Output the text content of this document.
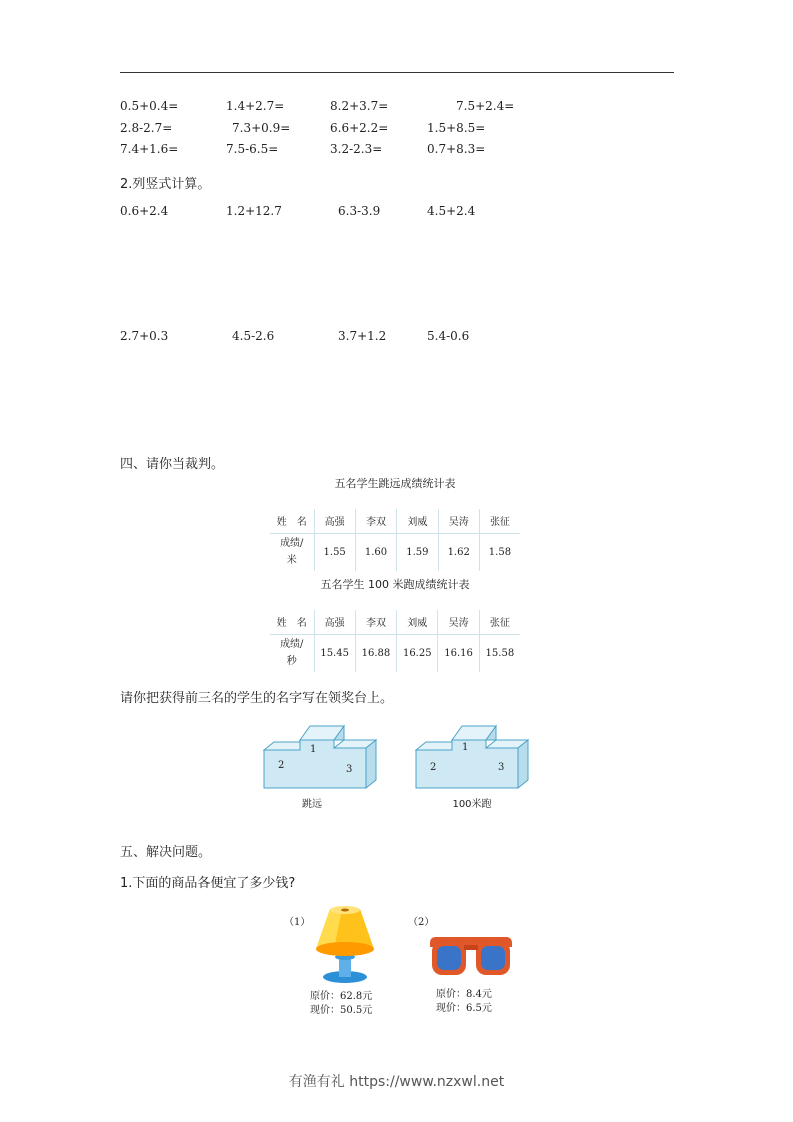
0.5+0.4=	1.4+2.7=	8.2+3.7=	7.5+2.4=
2.8-2.7=	7.3+0.9=	6.6+2.2=	1.5+8.5=
7.4+1.6=	7.5-6.5=	3.2-2.3=	0.7+8.3=
2.列竖式计算。
0.6+2.4	1.2+12.7	6.3-3.9	4.5+2.4
2.7+0.3	4.5-2.6	3.7+1.2	5.4-0.6
四、请你当裁判。
五名学生跳远成绩统计表
姓　名	高强	李双	刘威	吴涛	张征
成绩/
米	1.55	1.60	1.59	1.62	1.58
五名学生 100 米跑成绩统计表
姓　名	高强	李双	刘威	吴涛	张征
成绩/
秒	15.45	16.88	16.25	16.16	15.58
请你把获得前三名的学生的名字写在领奖台上。
1
2	3
跳远
1
2	3
100米跑
五、解决问题。
1.下面的商品各便宜了多少钱?
（1）
原价：62.8元
现价：50.5元
（2）
原价：8.4元
现价：6.5元
有渔有礼 https://www.nzxwl.net
